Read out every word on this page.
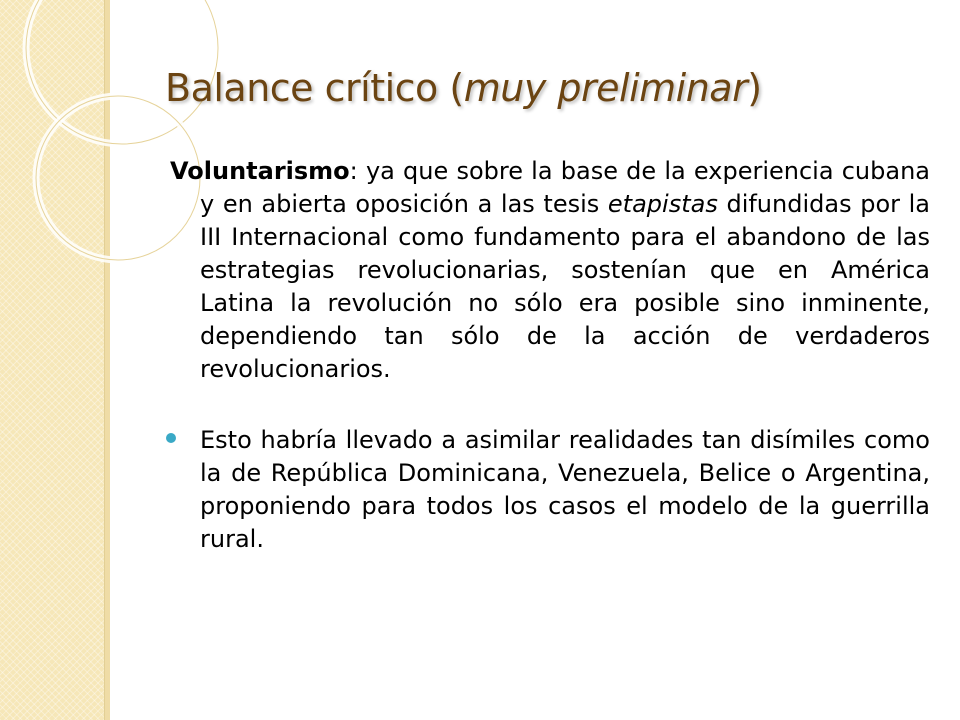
Balance crítico (muy preliminar)

Voluntarismo: ya que sobre la base de la experiencia cubana y en abierta oposición a las tesis etapistas difundidas por la III Internacional como fundamento para el abandono de las estrategias revolucionarias, sostenían que en América Latina la revolución no sólo era posible sino inminente, dependiendo tan sólo de la acción de verdaderos revolucionarios.

Esto habría llevado a asimilar realidades tan disímiles como la de República Dominicana, Venezuela, Belice o Argentina, proponiendo para todos los casos el modelo de la guerrilla rural.
